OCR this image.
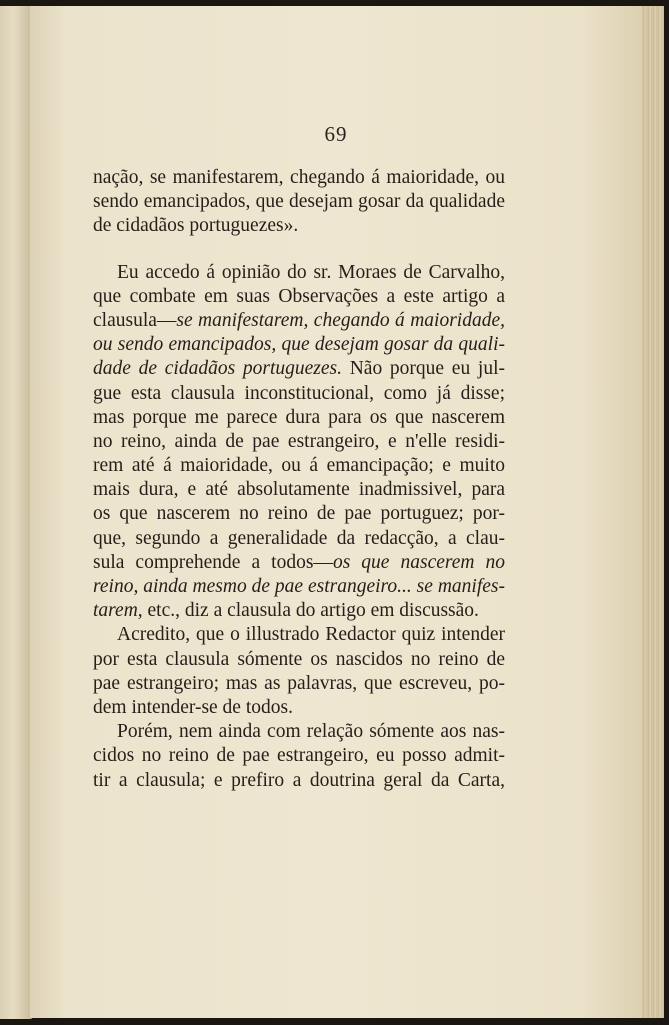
69
nação, se manifestarem, chegando á maioridade, ou
sendo emancipados, que desejam gosar da qualidade
de cidadãos portuguezes».
Eu accedo á opinião do sr. Moraes de Carvalho,
que combate em suas Observações a este artigo a
clausula—se manifestarem, chegando á maioridade,
ou sendo emancipados, que desejam gosar da quali-
dade de cidadãos portuguezes. Não porque eu jul-
gue esta clausula inconstitucional, como já disse;
mas porque me parece dura para os que nascerem
no reino, ainda de pae estrangeiro, e n'elle residi-
rem até á maioridade, ou á emancipação; e muito
mais dura, e até absolutamente inadmissivel, para
os que nascerem no reino de pae portuguez; por-
que, segundo a generalidade da redacção, a clau-
sula comprehende a todos—os que nascerem no
reino, ainda mesmo de pae estrangeiro... se manifes-
tarem, etc., diz a clausula do artigo em discussão.
Acredito, que o illustrado Redactor quiz intender
por esta clausula sómente os nascidos no reino de
pae estrangeiro; mas as palavras, que escreveu, po-
dem intender-se de todos.
Porém, nem ainda com relação sómente aos nas-
cidos no reino de pae estrangeiro, eu posso admit-
tir a clausula; e prefiro a doutrina geral da Carta,
